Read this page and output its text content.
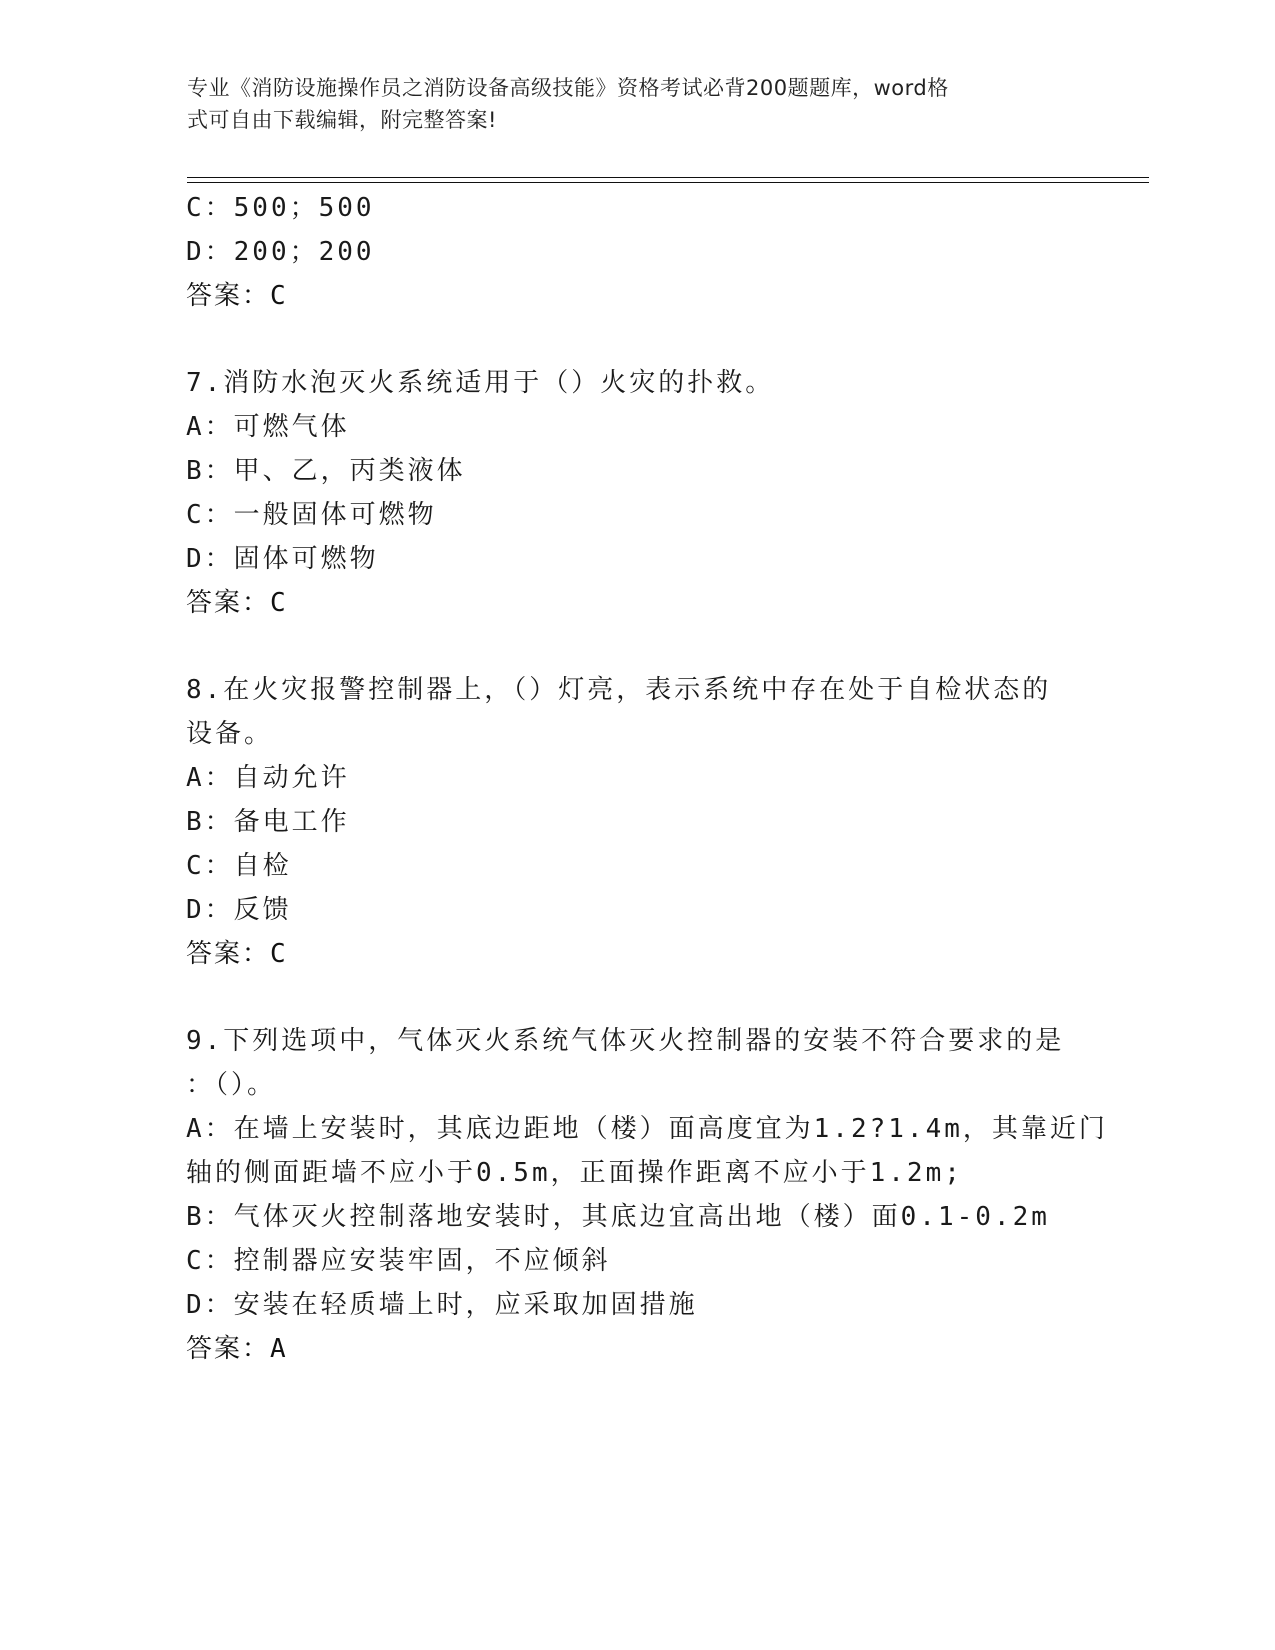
专业《消防设施操作员之消防设备高级技能》资格考试必背200题题库，word格
式可自由下载编辑，附完整答案!
C：500；500
D：200；200
答案：C
7.消防水泡灭火系统适用于（）火灾的扑救。
A：可燃气体
B：甲、乙，丙类液体
C：一般固体可燃物
D：固体可燃物
答案：C
8.在火灾报警控制器上，（）灯亮，表示系统中存在处于自检状态的
设备。
A：自动允许
B：备电工作
C：自检
D：反馈
答案：C
9.下列选项中，气体灭火系统气体灭火控制器的安装不符合要求的是
：（）。
A：在墙上安装时，其底边距地（楼）面高度宜为1.2?1.4m，其靠近门
轴的侧面距墙不应小于0.5m，正面操作距离不应小于1.2m;
B：气体灭火控制落地安装时，其底边宜高出地（楼）面0.1-0.2m
C：控制器应安装牢固，不应倾斜
D：安装在轻质墙上时，应采取加固措施
答案：A
